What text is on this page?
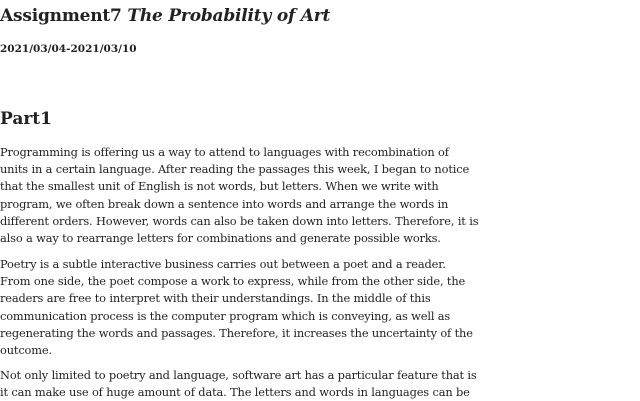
Assignment7 The Probability of Art

2021/03/04-2021/03/10

Part1

Programming is offering us a way to attend to languages with recombination of
units in a certain language. After reading the passages this week, I began to notice
that the smallest unit of English is not words, but letters. When we write with
program, we often break down a sentence into words and arrange the words in
different orders. However, words can also be taken down into letters. Therefore, it is
also a way to rearrange letters for combinations and generate possible works.

Poetry is a subtle interactive business carries out between a poet and a reader.
From one side, the poet compose a work to express, while from the other side, the
readers are free to interpret with their understandings. In the middle of this
communication process is the computer program which is conveying, as well as
regenerating the words and passages. Therefore, it increases the uncertainty of the
outcome.

Not only limited to poetry and language, software art has a particular feature that is
it can make use of huge amount of data. The letters and words in languages can be
